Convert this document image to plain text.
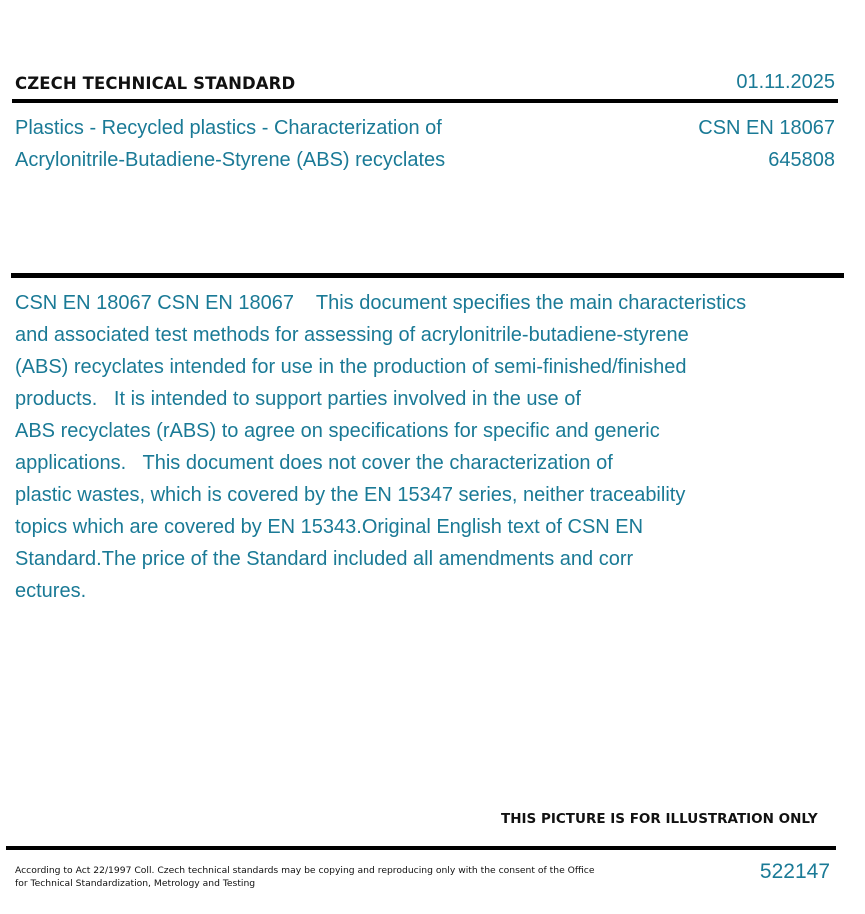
CZECH TECHNICAL STANDARD	01.11.2025
Plastics - Recycled plastics - Characterization of
Acrylonitrile-Butadiene-Styrene (ABS) recyclates
CSN EN 18067
645808
CSN EN 18067 CSN EN 18067    This document specifies the main characteristics
and associated test methods for assessing of acrylonitrile-butadiene-styrene
(ABS) recyclates intended for use in the production of semi-finished/finished
products.   It is intended to support parties involved in the use of
ABS recyclates (rABS) to agree on specifications for specific and generic
applications.   This document does not cover the characterization of
plastic wastes, which is covered by the EN 15347 series, neither traceability
topics which are covered by EN 15343.Original English text of CSN EN
Standard.The price of the Standard included all amendments and corr
ectures.
THIS PICTURE IS FOR ILLUSTRATION ONLY
According to Act 22/1997 Coll. Czech technical standards may be copying and reproducing only with the consent of the Office
for Technical Standardization, Metrology and Testing
522147
